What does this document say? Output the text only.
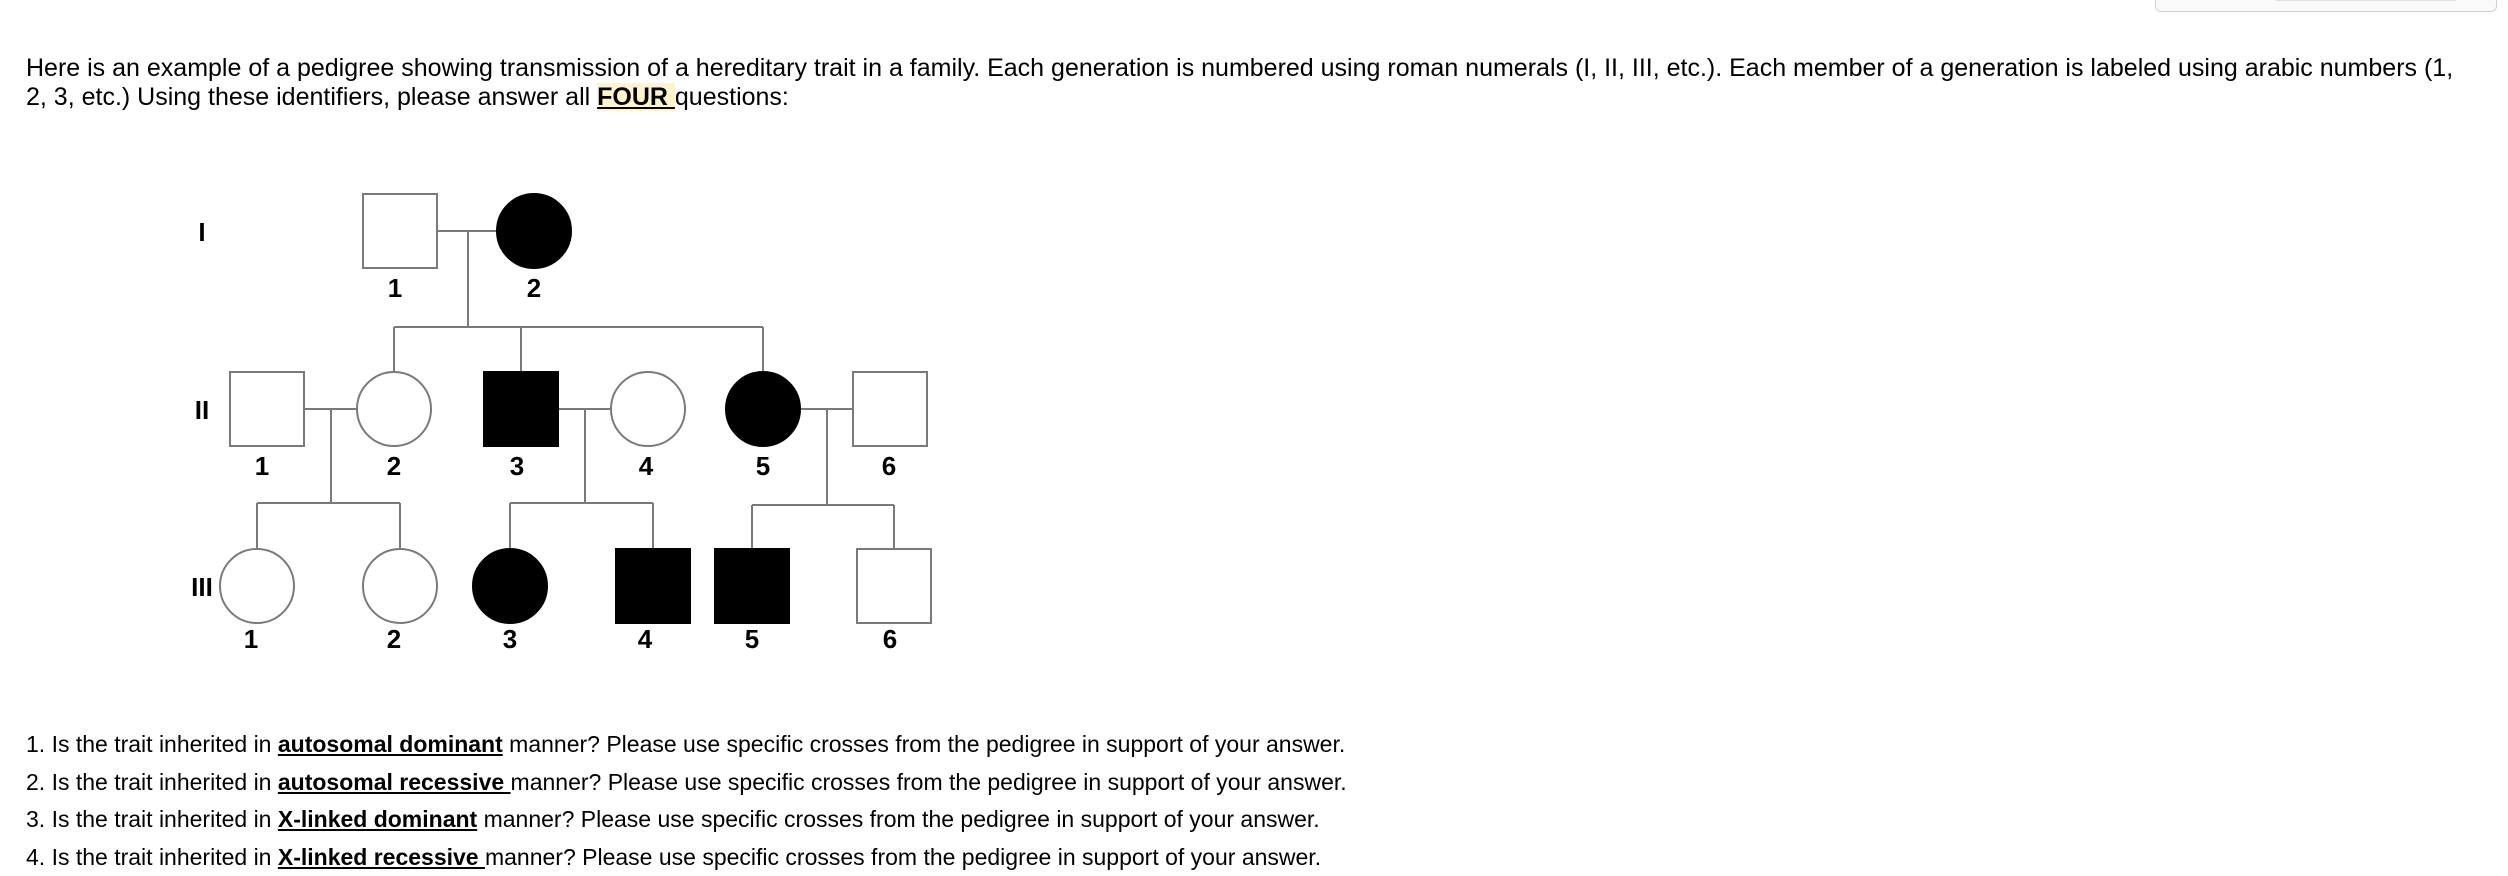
Here is an example of a pedigree showing transmission of a hereditary trait in a family. Each generation is numbered using roman numerals (I, II, III, etc.). Each member of a generation is labeled using arabic numbers (1, 2, 3, etc.) Using these identifiers, please answer all FOUR questions:

I
II
III
1	2
1	2	3	4	5	6
1	2	3	4	5	6
1. Is the trait inherited in autosomal dominant manner? Please use specific crosses from the pedigree in support of your answer.
2. Is the trait inherited in autosomal recessive manner? Please use specific crosses from the pedigree in support of your answer.
3. Is the trait inherited in X-linked dominant manner? Please use specific crosses from the pedigree in support of your answer.
4. Is the trait inherited in X-linked recessive manner? Please use specific crosses from the pedigree in support of your answer.
